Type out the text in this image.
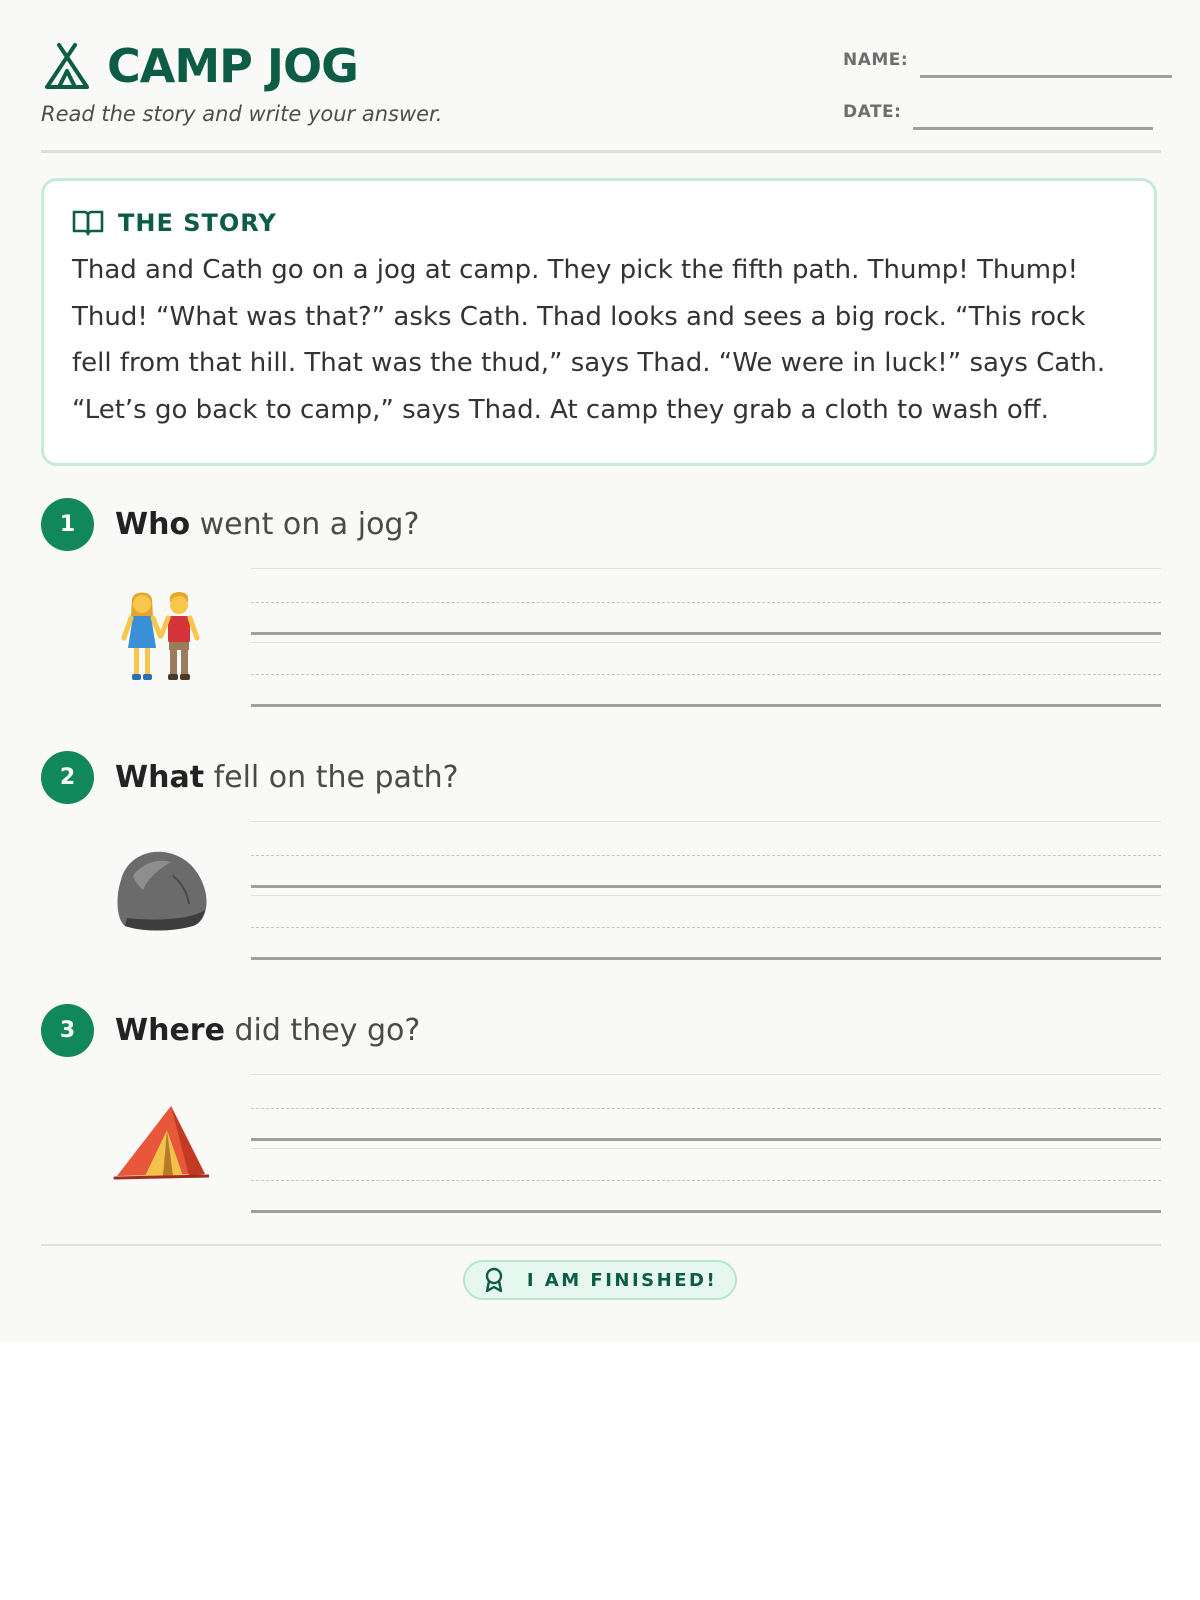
CAMP JOG
Read the story and write your answer.
NAME:
DATE:
THE STORY

Thad and Cath go on a jog at camp. They pick the fifth path. Thump! Thump! Thud! “What was that?” asks Cath. Thad looks and sees a big rock. “This rock fell from that hill. That was the thud,” says Thad. “We were in luck!” says Cath. “Let’s go back to camp,” says Thad. At camp they grab a cloth to wash off.

1	Who went on a jog?
2	What fell on the path?
3	Where did they go?
I AM FINISHED!
